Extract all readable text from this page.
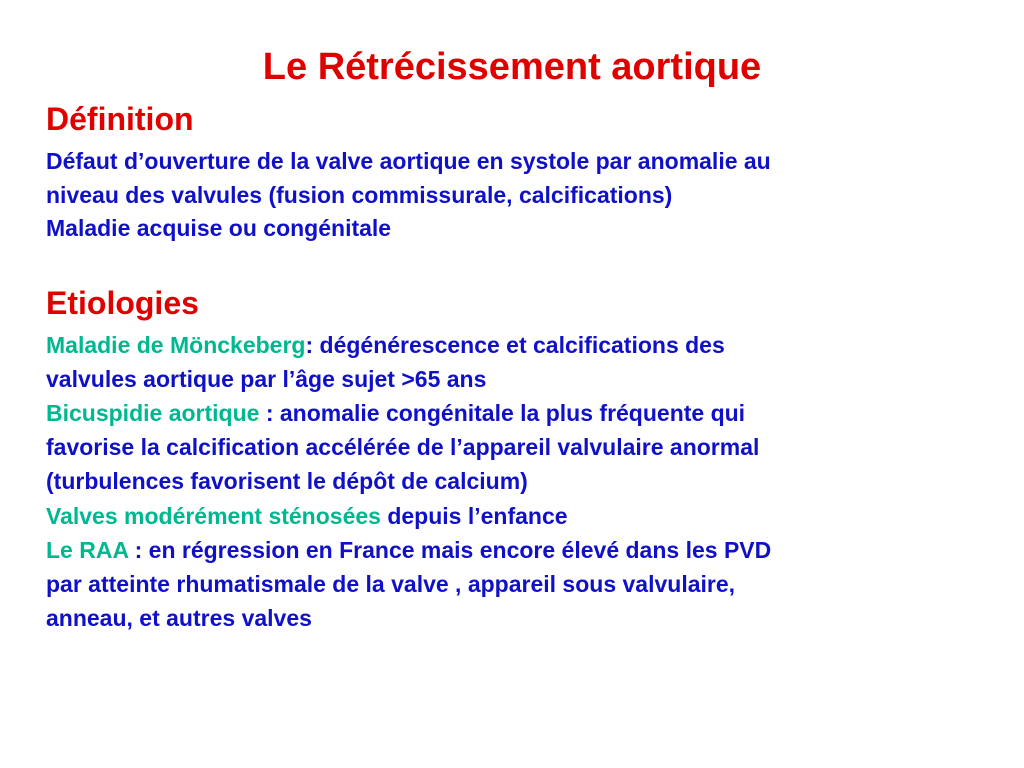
Le Rétrécissement aortique
Définition
Défaut d’ouverture de la valve aortique en systole par anomalie au
niveau des valvules (fusion commissurale, calcifications)
Maladie acquise ou congénitale
Etiologies
Maladie de Mönckeberg: dégénérescence et calcifications des
valvules aortique par l’âge sujet >65 ans
Bicuspidie aortique : anomalie congénitale la plus fréquente qui
favorise la calcification accélérée de l’appareil valvulaire anormal
(turbulences favorisent le dépôt de calcium)
Valves modérément sténosées depuis l’enfance
Le RAA : en régression en France mais encore élevé dans les PVD
par atteinte rhumatismale de la valve , appareil sous valvulaire,
anneau, et autres valves
